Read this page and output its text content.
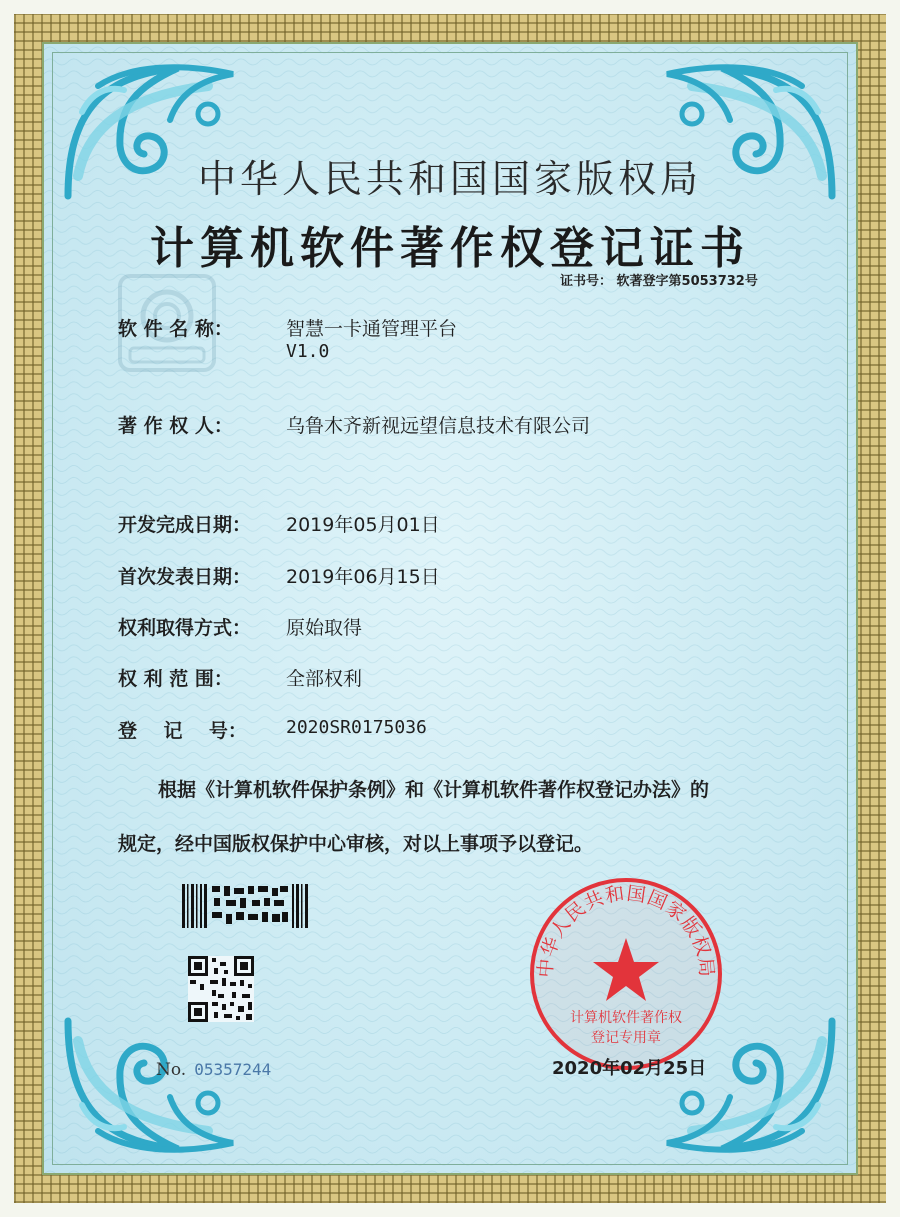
中华人民共和国国家版权局
计算机软件著作权登记证书
证书号： 软著登字第5053732号
软 件 名 称：	智慧一卡通管理平台
V1.0
著 作 权 人：	乌鲁木齐新视远望信息技术有限公司
开发完成日期： 2019年05月01日
首次发表日期： 2019年06月15日
权利取得方式： 原始取得
权 利 范 围：	全部权利
登    记    号： 2020SR0175036
根据《计算机软件保护条例》和《计算机软件著作权登记办法》的
规定，经中国版权保护中心审核，对以上事项予以登记。
No. 05357244
中华人民共和国国家版权局
计算机软件著作权
登记专用章
2020年02月25日
